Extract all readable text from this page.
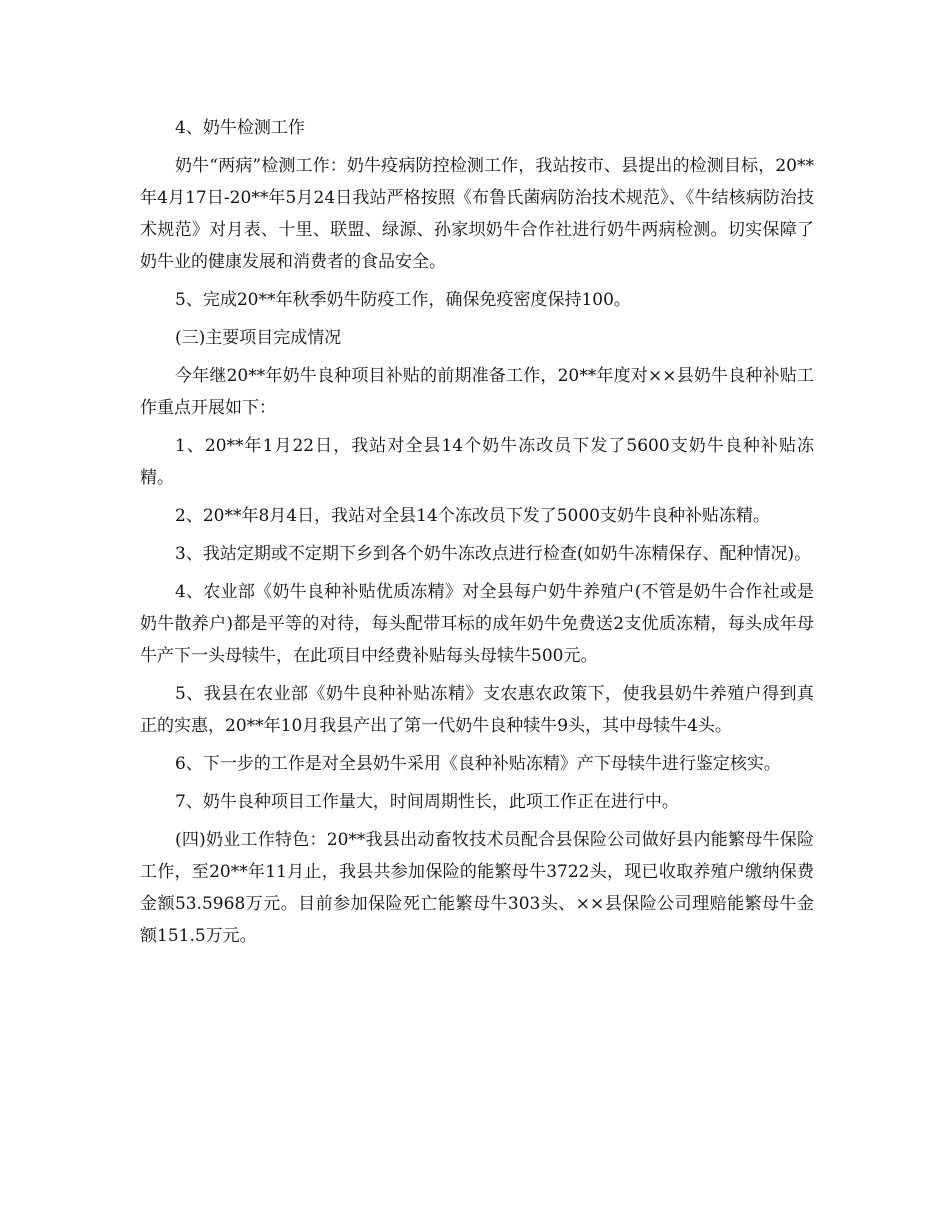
4、奶牛检测工作

奶牛“两病”检测工作：奶牛疫病防控检测工作，我站按市、县提出的检测目标，20**年4月17日-20**年5月24日我站严格按照《布鲁氏菌病防治技术规范》、《牛结核病防治技术规范》对月表、十里、联盟、绿源、孙家坝奶牛合作社进行奶牛两病检测。切实保障了奶牛业的健康发展和消费者的食品安全。

5、完成20**年秋季奶牛防疫工作，确保免疫密度保持100。

(三)主要项目完成情况

今年继20**年奶牛良种项目补贴的前期准备工作，20**年度对××县奶牛良种补贴工作重点开展如下：

1、20**年1月22日，我站对全县14个奶牛冻改员下发了5600支奶牛良种补贴冻精。

2、20**年8月4日，我站对全县14个冻改员下发了5000支奶牛良种补贴冻精。

3、我站定期或不定期下乡到各个奶牛冻改点进行检查(如奶牛冻精保存、配种情况)。

4、农业部《奶牛良种补贴优质冻精》对全县每户奶牛养殖户(不管是奶牛合作社或是奶牛散养户)都是平等的对待，每头配带耳标的成年奶牛免费送2支优质冻精，每头成年母牛产下一头母犊牛，在此项目中经费补贴每头母犊牛500元。

5、我县在农业部《奶牛良种补贴冻精》支农惠农政策下，使我县奶牛养殖户得到真正的实惠，20**年10月我县产出了第一代奶牛良种犊牛9头，其中母犊牛4头。

6、下一步的工作是对全县奶牛采用《良种补贴冻精》产下母犊牛进行鉴定核实。

7、奶牛良种项目工作量大，时间周期性长，此项工作正在进行中。

(四)奶业工作特色：20**我县出动畜牧技术员配合县保险公司做好县内能繁母牛保险工作，至20**年11月止，我县共参加保险的能繁母牛3722头，现已收取养殖户缴纳保费金额53.5968万元。目前参加保险死亡能繁母牛303头、××县保险公司理赔能繁母牛金额151.5万元。
